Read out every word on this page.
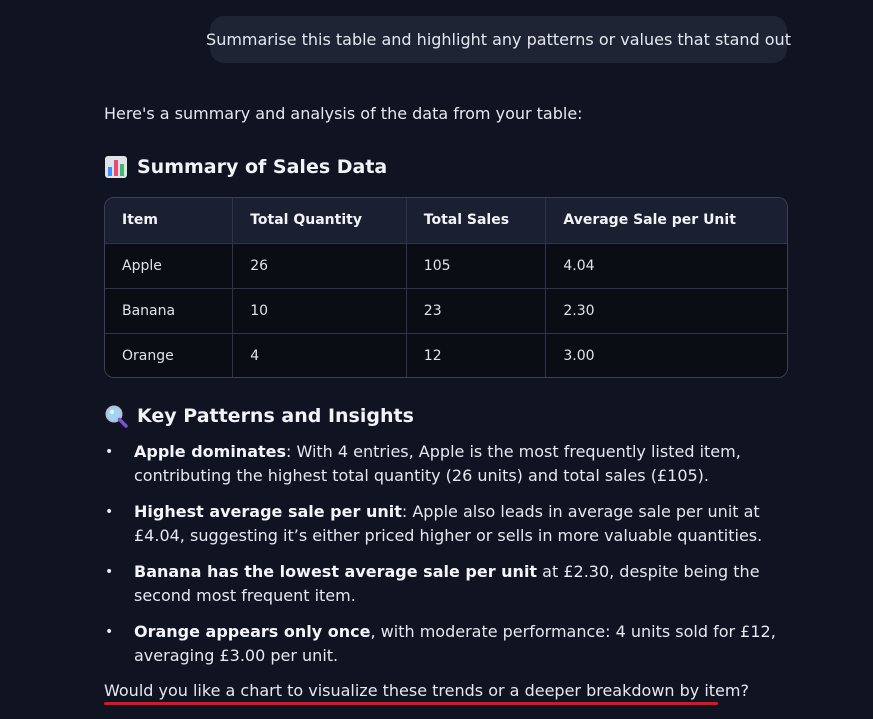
Summarise this table and highlight any patterns or values that stand out
Here's a summary and analysis of the data from your table:
Summary of Sales Data
Item	Total Quantity	Total Sales	Average Sale per Unit
Apple	26	105	4.04
Banana	10	23	2.30
Orange	4	12	3.00
Key Patterns and Insights
• Apple dominates: With 4 entries, Apple is the most frequently listed item, contributing the highest total quantity (26 units) and total sales (£105).
• Highest average sale per unit: Apple also leads in average sale per unit at £4.04, suggesting it’s either priced higher or sells in more valuable quantities.
• Banana has the lowest average sale per unit at £2.30, despite being the second most frequent item.
• Orange appears only once, with moderate performance: 4 units sold for £12, averaging £3.00 per unit.
Would you like a chart to visualize these trends or a deeper breakdown by item?
